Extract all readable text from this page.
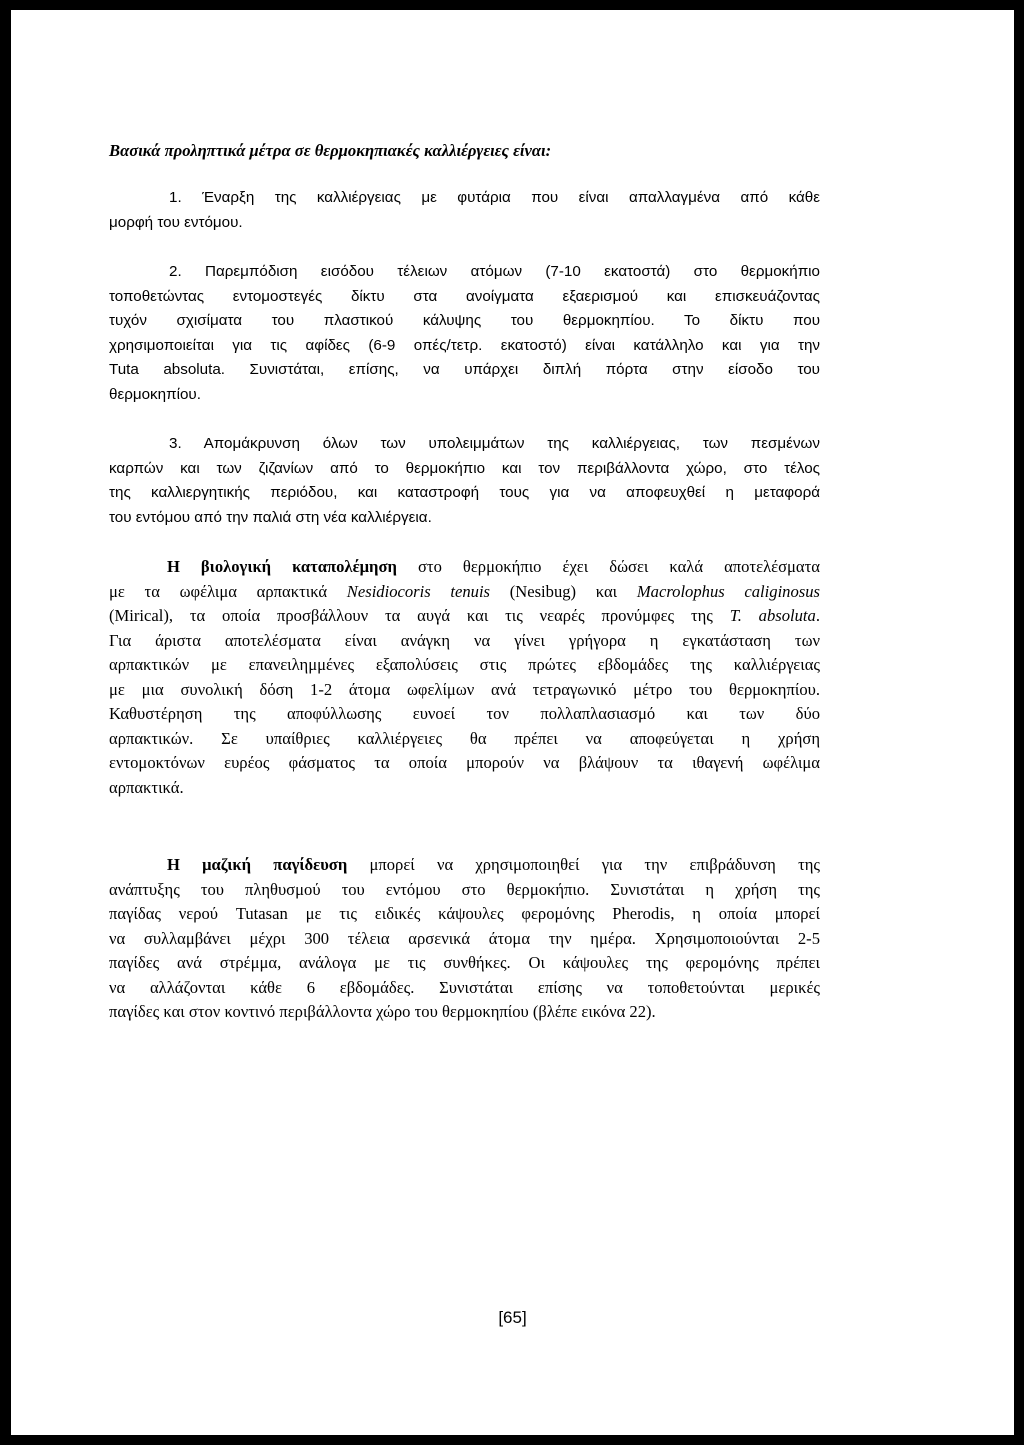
Βασικά προληπτικά μέτρα σε θερμοκηπιακές καλλιέργειες είναι:
1. Έναρξη της καλλιέργειας με φυτάρια που είναι απαλλαγμένα από κάθε
μορφή του εντόμου.
2. Παρεμπόδιση εισόδου τέλειων ατόμων (7-10 εκατοστά) στο θερμοκήπιο
τοποθετώντας εντομοστεγές δίκτυ στα ανοίγματα εξαερισμού και επισκευάζοντας
τυχόν σχισίματα του πλαστικού κάλυψης του θερμοκηπίου. Το δίκτυ που
χρησιμοποιείται για τις αφίδες (6-9 οπές/τετρ. εκατοστό) είναι κατάλληλο και για την
Tuta absoluta. Συνιστάται, επίσης, να υπάρχει διπλή πόρτα στην είσοδο του
θερμοκηπίου.
3. Απομάκρυνση όλων των υπολειμμάτων της καλλιέργειας, των πεσμένων
καρπών και των ζιζανίων από το θερμοκήπιο και τον περιβάλλοντα χώρο, στο τέλος
της καλλιεργητικής περιόδου, και καταστροφή τους για να αποφευχθεί η μεταφορά
του εντόμου από την παλιά στη νέα καλλιέργεια.
Η βιολογική καταπολέμηση στο θερμοκήπιο έχει δώσει καλά αποτελέσματα
με τα ωφέλιμα αρπακτικά Nesidiocoris tenuis (Nesibug) και Macrolophus caliginosus
(Mirical), τα οποία προσβάλλουν τα αυγά και τις νεαρές προνύμφες της T. absoluta.
Για άριστα αποτελέσματα είναι ανάγκη να γίνει γρήγορα η εγκατάσταση των
αρπακτικών με επανειλημμένες εξαπολύσεις στις πρώτες εβδομάδες της καλλιέργειας
με μια συνολική δόση 1-2 άτομα ωφελίμων ανά τετραγωνικό μέτρο του θερμοκηπίου.
Καθυστέρηση της αποφύλλωσης ευνοεί τον πολλαπλασιασμό και των δύο
αρπακτικών. Σε υπαίθριες καλλιέργειες θα πρέπει να αποφεύγεται η χρήση
εντομοκτόνων ευρέος φάσματος τα οποία μπορούν να βλάψουν τα ιθαγενή ωφέλιμα
αρπακτικά.
Η μαζική παγίδευση μπορεί να χρησιμοποιηθεί για την επιβράδυνση της
ανάπτυξης του πληθυσμού του εντόμου στο θερμοκήπιο. Συνιστάται η χρήση της
παγίδας νερού Tutasan με τις ειδικές κάψουλες φερομόνης Pherodis, η οποία μπορεί
να συλλαμβάνει μέχρι 300 τέλεια αρσενικά άτομα την ημέρα. Χρησιμοποιούνται 2-5
παγίδες ανά στρέμμα, ανάλογα με τις συνθήκες. Οι κάψουλες της φερομόνης πρέπει
να αλλάζονται κάθε 6 εβδομάδες. Συνιστάται επίσης να τοποθετούνται μερικές
παγίδες και στον κοντινό περιβάλλοντα χώρο του θερμοκηπίου (βλέπε εικόνα 22).
[65]
